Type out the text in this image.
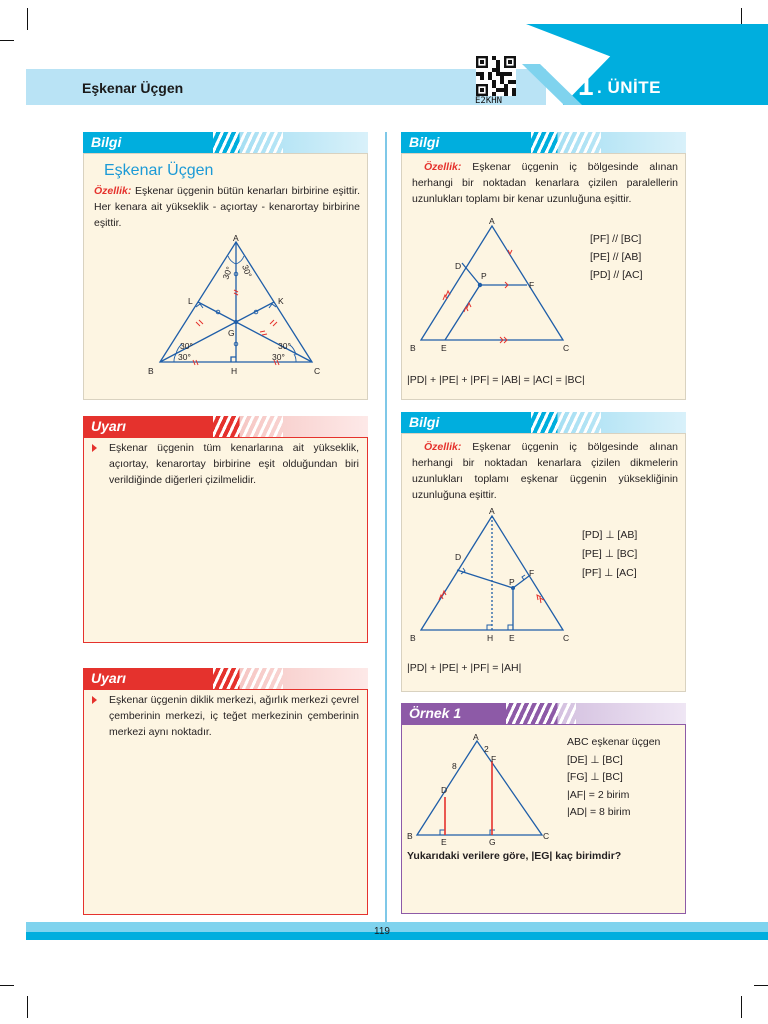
Eşkenar Üçgen	1 . ÜNİTE
E2KHN
Bilgi
Eşkenar Üçgen
Özellik: Eşkenar üçgenin bütün kenarları birbirine eşittir. Her kenara ait yükseklik - açıortay - kenarortay birbirine eşittir.
A
B	C
L	K
G
H
30°
30°
30°
30°
30° 30°
Uyarı
Eşkenar üçgenin tüm kenarlarına ait yükseklik, açıortay, kenarortay birbirine eşit olduğundan biri verildiğinde diğerleri çizilmelidir.
Uyarı
Eşkenar üçgenin diklik merkezi, ağırlık merkezi çevrel çemberinin merkezi, iç teğet merkezinin çemberinin merkezi aynı noktadır.
Bilgi
Özellik: Eşkenar üçgenin iç bölgesinde alınan herhangi bir noktadan kenarlara çizilen paralellerin uzunlukları toplamı bir kenar uzunluğuna eşittir.
A
B	C
D
E
F
P
[PF] // [BC]
[PE] // [AB]
[PD] // [AC]
|PD| + |PE| + |PF| = |AB| = |AC| = |BC|
Bilgi
Özellik: Eşkenar üçgenin iç bölgesinde alınan herhangi bir noktadan kenarlara çizilen dikmelerin uzunlukları toplamı eşkenar üçgenin yüksekliğinin uzunluğuna eşittir.
A
B	C
D
E
F
P
H
[PD] ⊥ [AB]
[PE] ⊥ [BC]
[PF] ⊥ [AC]
|PD| + |PE| + |PF| = |AH|
Örnek 1
A
B	C
D
E
F
G
8
2
ABC eşkenar üçgen
[DE] ⊥ [BC]
[FG] ⊥ [BC]
|AF| = 2 birim
|AD| = 8 birim
Yukarıdaki verilere göre, |EG| kaç birimdir?
119
